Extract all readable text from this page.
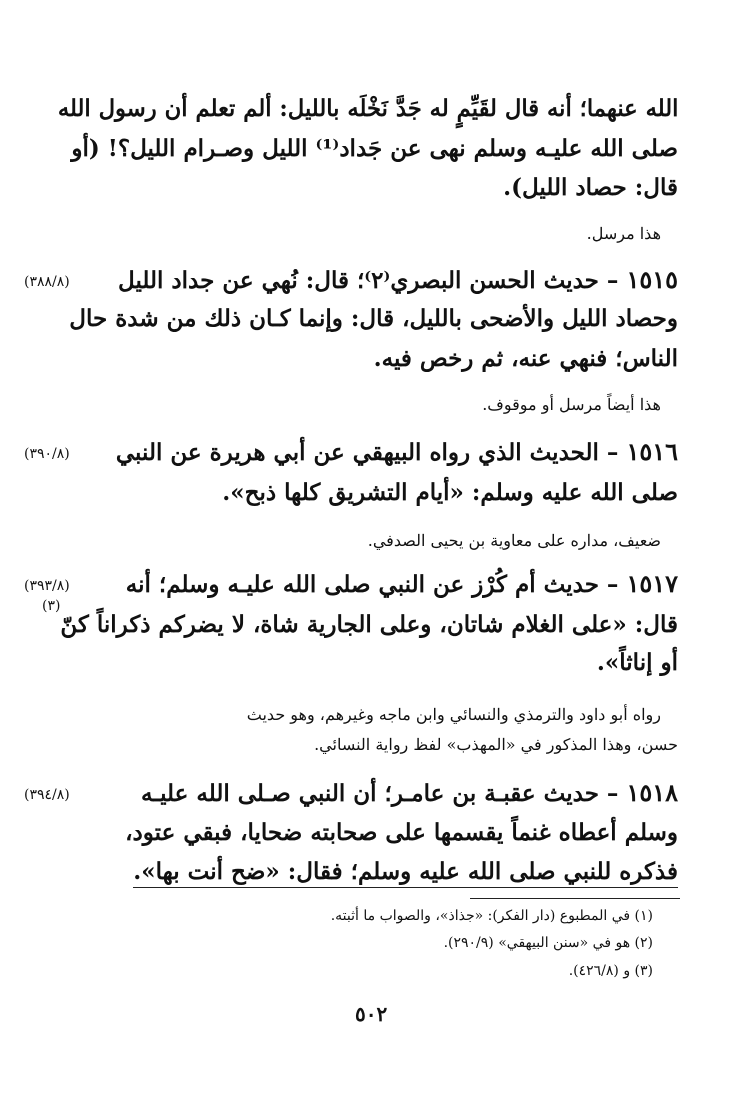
الله عنهما؛ أنه قال لقَيِّمٍ له جَدَّ نَخْلَه بالليل: ألم تعلم أن رسول الله

صلى الله عليـه وسلم نهى عن جَداد⁽¹⁾ الليل وصـرام الليل؟! (أو

قال: حصاد الليل).

هذا مرسل.

(٣٨٨/٨)	١٥١٥ – حديث الحسن البصري⁽٢⁾؛ قال: نُهي عن جداد الليل

وحصاد الليل والأضحى بالليل، قال: وإنما كـان ذلك من شدة حال

الناس؛ فنهي عنه، ثم رخص فيه.

هذا أيضاً مرسل أو موقوف.

(٣٩٠/٨)	١٥١٦ – الحديث الذي رواه البيهقي عن أبي هريرة عن النبي

صلى الله عليه وسلم: «أيام التشريق كلها ذبح».

ضعيف، مداره على معاوية بن يحيى الصدفي.

(٣٩٣/٨)
(٣)

١٥١٧ – حديث أم كُرْز عن النبي صلى الله عليـه وسلم؛ أنه

قال: «على الغلام شاتان، وعلى الجارية شاة، لا يضركم ذكراناً كنّ

أو إناثاً».

رواه أبو داود والترمذي والنسائي وابن ماجه وغيرهم، وهو حديث

حسن، وهذا المذكور في «المهذب» لفظ رواية النسائي.

(٣٩٤/٨)	١٥١٨ – حديث عقبـة بن عامـر؛ أن النبي صـلى الله عليـه

وسلم أعطاه غنماً يقسمها على صحابته ضحايا، فبقي عتود،

فذكره للنبي صلى الله عليه وسلم؛ فقال: «ضح أنت بها».

(١) في المطبوع (دار الفكر): «جذاذ»، والصواب ما أثبته.

(٢) هو في «سنن البيهقي» (٢٩٠/٩).

(٣) و (٤٢٦/٨).

٥٠٢
